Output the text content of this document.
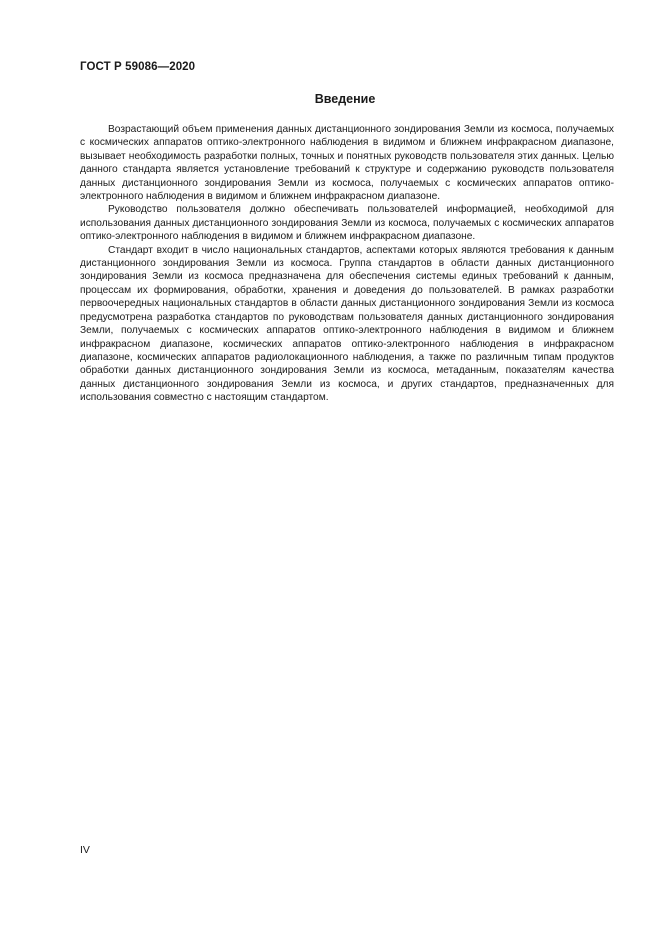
ГОСТ Р 59086—2020
Введение

Возрастающий объем применения данных дистанционного зондирования Земли из космоса, получаемых с космических аппаратов оптико-электронного наблюдения в видимом и ближнем инфракрасном диапазоне, вызывает необходимость разработки полных, точных и понятных руководств пользователя этих данных. Целью данного стандарта является установление требований к структуре и содержанию руководств пользователя данных дистанционного зондирования Земли из космоса, получаемых с космических аппаратов оптико-электронного наблюдения в видимом и ближнем инфракрасном диапазоне.

Руководство пользователя должно обеспечивать пользователей информацией, необходимой для использования данных дистанционного зондирования Земли из космоса, получаемых с космических аппаратов оптико-электронного наблюдения в видимом и ближнем инфракрасном диапазоне.

Стандарт входит в число национальных стандартов, аспектами которых являются требования к данным дистанционного зондирования Земли из космоса. Группа стандартов в области данных дистанционного зондирования Земли из космоса предназначена для обеспечения системы единых требований к данным, процессам их формирования, обработки, хранения и доведения до пользователей. В рамках разработки первоочередных национальных стандартов в области данных дистанционного зондирования Земли из космоса предусмотрена разработка стандартов по руководствам пользователя данных дистанционного зондирования Земли, получаемых с космических аппаратов оптико-электронного наблюдения в видимом и ближнем инфракрасном диапазоне, космических аппаратов оптико-электронного наблюдения в инфракрасном диапазоне, космических аппаратов радиолокационного наблюдения, а также по различным типам продуктов обработки данных дистанционного зондирования Земли из космоса, метаданным, показателям качества данных дистанционного зондирования Земли из космоса, и других стандартов, предназначенных для использования совместно с настоящим стандартом.

IV
